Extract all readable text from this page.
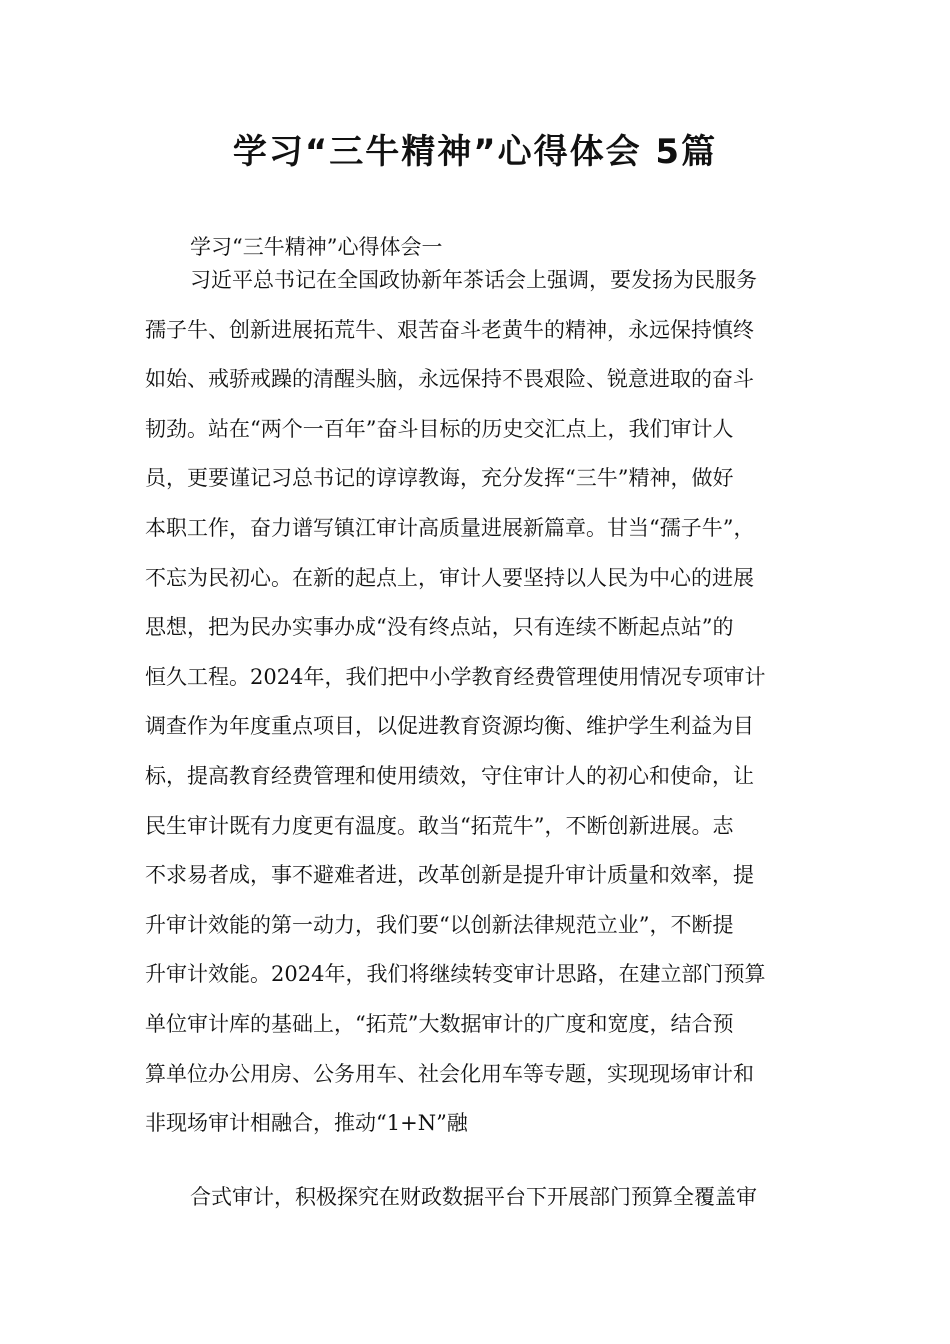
学习“三牛精神”心得体会 5篇

学习“三牛精神”心得体会一

习近平总书记在全国政协新年茶话会上强调，要发扬为民服务
孺子牛、创新进展拓荒牛、艰苦奋斗老黄牛的精神，永远保持慎终
如始、戒骄戒躁的清醒头脑，永远保持不畏艰险、锐意进取的奋斗
韧劲。站在“两个一百年”奋斗目标的历史交汇点上，我们审计人
员，更要谨记习总书记的谆谆教诲，充分发挥“三牛”精神，做好
本职工作，奋力谱写镇江审计高质量进展新篇章。甘当“孺子牛”，
不忘为民初心。在新的起点上，审计人要坚持以人民为中心的进展
思想，把为民办实事办成“没有终点站，只有连续不断起点站”的
恒久工程。2024年，我们把中小学教育经费管理使用情况专项审计
调查作为年度重点项目，以促进教育资源均衡、维护学生利益为目
标，提高教育经费管理和使用绩效，守住审计人的初心和使命，让
民生审计既有力度更有温度。敢当“拓荒牛”，不断创新进展。志
不求易者成，事不避难者进，改革创新是提升审计质量和效率，提
升审计效能的第一动力，我们要“以创新法律规范立业”，不断提
升审计效能。2024年，我们将继续转变审计思路，在建立部门预算
单位审计库的基础上，“拓荒”大数据审计的广度和宽度，结合预
算单位办公用房、公务用车、社会化用车等专题，实现现场审计和
非现场审计相融合，推动“1+N”融
合式审计，积极探究在财政数据平台下开展部门预算全覆盖审
